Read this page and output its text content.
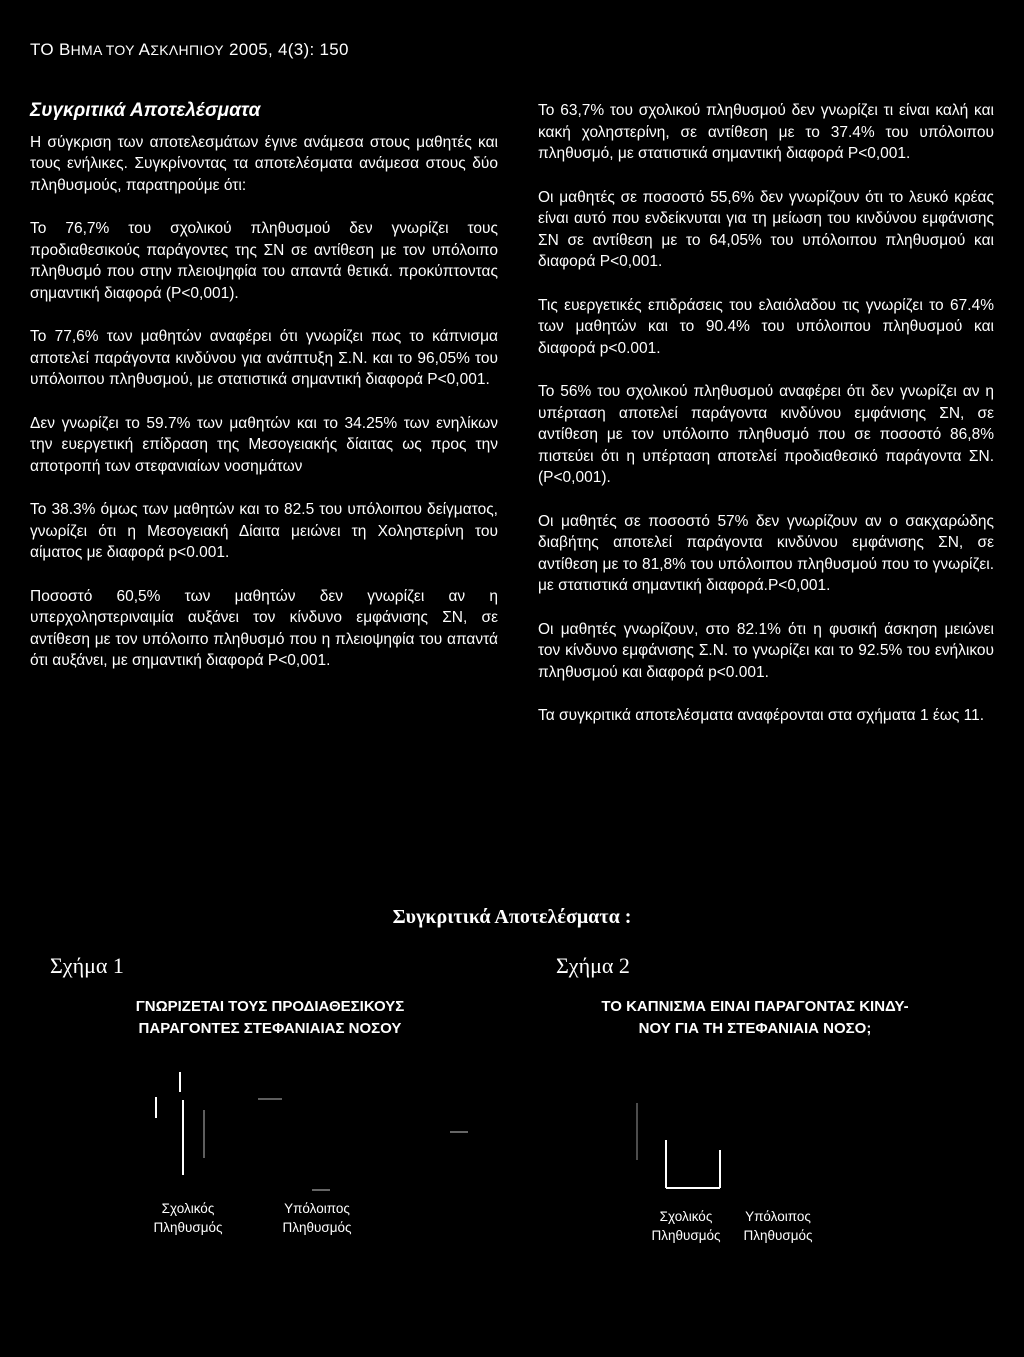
ΤΟ ΒΗΜΑ ΤΟΥ ΑΣΚΛΗΠΙΟΥ 2005, 4(3): 150
Συγκριτικά Αποτελέσματα

Η σύγκριση των αποτελεσμάτων έγινε ανάμεσα στους μαθητές και τους ενήλικες. Συγκρίνοντας τα αποτελέσματα ανάμεσα στους δύο πληθυσμούς, παρατηρούμε ότι:

Το 76,7% του σχολικού πληθυσμού δεν γνωρίζει τους προδιαθεσικούς παράγοντες της ΣΝ σε αντίθεση με τον υπόλοιπο πληθυσμό που στην πλειοψηφία του απαντά θετικά. προκύπτοντας σημαντική διαφορά (P<0,001).

Το 77,6% των μαθητών αναφέρει ότι γνωρίζει πως το κάπνισμα αποτελεί παράγοντα κινδύνου για ανάπτυξη Σ.Ν. και το 96,05% του υπόλοιπου πληθυσμού, με στατιστικά σημαντική διαφορά P<0,001.

Δεν γνωρίζει το 59.7% των μαθητών και το 34.25% των ενηλίκων την ευεργετική επίδραση της Μεσογειακής δίαιτας ως προς την αποτροπή των στεφανιαίων νοσημάτων

Το 38.3% όμως των μαθητών και το 82.5 του υπόλοιπου δείγματος, γνωρίζει ότι η Μεσογειακή Δίαιτα μειώνει τη Χοληστερίνη του αίματος με διαφορά p<0.001.

Ποσοστό 60,5% των μαθητών δεν γνωρίζει αν η υπερχοληστεριναιμία αυξάνει τον κίνδυνο εμφάνισης ΣΝ, σε αντίθεση με τον υπόλοιπο πληθυσμό που η πλειοψηφία του απαντά ότι αυξάνει, με σημαντική διαφορά P<0,001.

Το 63,7% του σχολικού πληθυσμού δεν γνωρίζει τι είναι καλή και κακή χοληστερίνη, σε αντίθεση με το 37.4% του υπόλοιπου πληθυσμό, με στατιστικά σημαντική διαφορά P<0,001.

Οι μαθητές σε ποσοστό 55,6% δεν γνωρίζουν ότι το λευκό κρέας είναι αυτό που ενδείκνυται για τη μείωση του κινδύνου εμφάνισης ΣΝ σε αντίθεση με το 64,05% του υπόλοιπου πληθυσμού και διαφορά P<0,001.

Τις ευεργετικές επιδράσεις του ελαιόλαδου τις γνωρίζει το 67.4% των μαθητών και το 90.4% του υπόλοιπου πληθυσμού και διαφορά p<0.001.

Το 56% του σχολικού πληθυσμού αναφέρει ότι δεν γνωρίζει αν η υπέρταση αποτελεί παράγοντα κινδύνου εμφάνισης ΣΝ, σε αντίθεση με τον υπόλοιπο πληθυσμό που σε ποσοστό 86,8% πιστεύει ότι η υπέρταση αποτελεί προδιαθεσικό παράγοντα ΣΝ. (P<0,001).

Οι μαθητές σε ποσοστό 57% δεν γνωρίζουν αν ο σακχαρώδης διαβήτης αποτελεί παράγοντα κινδύνου εμφάνισης ΣΝ, σε αντίθεση με το 81,8% του υπόλοιπου πληθυσμού που το γνωρίζει. με στατιστικά σημαντική διαφορά.P<0,001.

Οι μαθητές γνωρίζουν, στο 82.1% ότι η φυσική άσκηση μειώνει τον κίνδυνο εμφάνισης Σ.Ν. το γνωρίζει και το 92.5% του ενήλικου πληθυσμού και διαφορά p<0.001.

Τα συγκριτικά αποτελέσματα αναφέρονται στα σχήματα 1 έως 11.

Συγκριτικά Αποτελέσματα :
Σχήμα 1	Σχήμα 2
ΓΝΩΡΙΖΕΤΑΙ ΤΟΥΣ ΠΡΟΔΙΑΘΕΣΙΚΟΥΣ
ΠΑΡΑΓΟΝΤΕΣ ΣΤΕΦΑΝΙΑΙΑΣ ΝΟΣΟΥ
ΤΟ ΚΑΠΝΙΣΜΑ ΕΙΝΑΙ ΠΑΡΑΓΟΝΤΑΣ ΚΙΝΔΥ-
ΝΟΥ ΓΙΑ ΤΗ ΣΤΕΦΑΝΙΑΙΑ ΝΟΣΟ;
Σχολικός
Πληθυσμός
Υπόλοιπος
Πληθυσμός
Σχολικός
Πληθυσμός
Υπόλοιπος
Πληθυσμός
